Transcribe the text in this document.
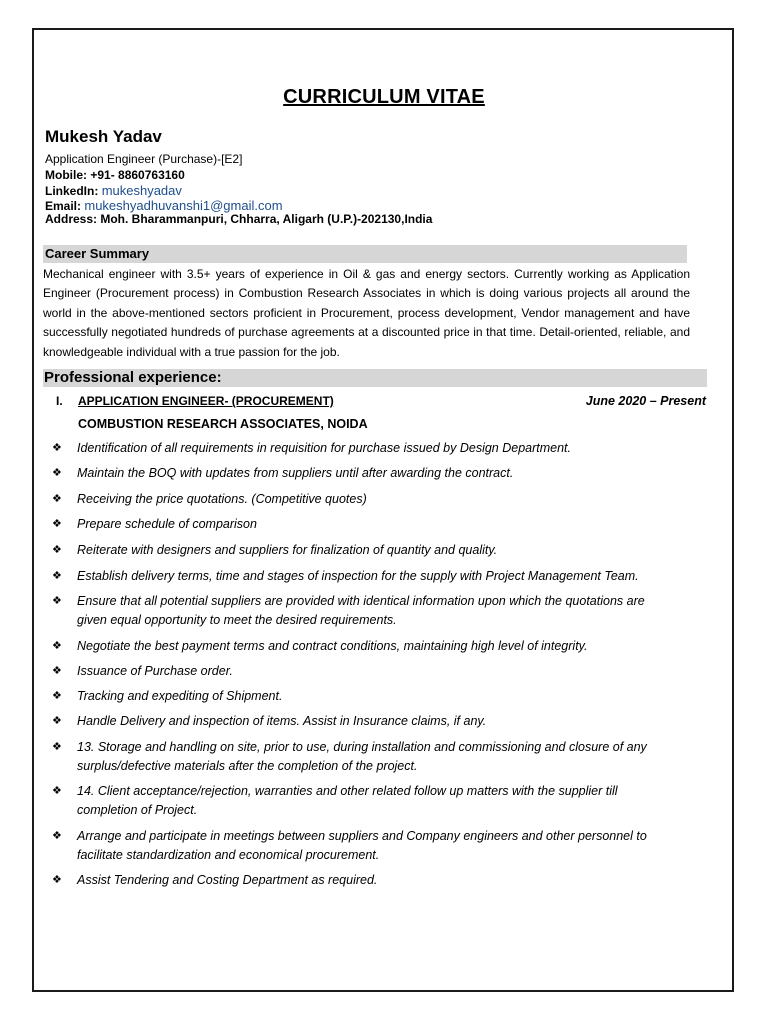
CURRICULUM VITAE
Mukesh Yadav
Application Engineer (Purchase)-[E2]
Mobile: +91- 8860763160
LinkedIn: mukeshyadav
Email: mukeshyadhuvanshi1@gmail.com
Address: Moh. Bharammanpuri, Chharra, Aligarh (U.P.)-202130,India
Career Summary
Mechanical engineer with 3.5+ years of experience in Oil & gas and energy sectors. Currently working as Application Engineer (Procurement process) in Combustion Research Associates in which is doing various projects all around the world in the above-mentioned sectors proficient in Procurement, process development, Vendor management and have successfully negotiated hundreds of purchase agreements at a discounted price in that time. Detail-oriented, reliable, and knowledgeable individual with a true passion for the job.
Professional experience:
I. APPLICATION ENGINEER- (PROCUREMENT)	June 2020 – Present
COMBUSTION RESEARCH ASSOCIATES, NOIDA
❖	Identification of all requirements in requisition for purchase issued by Design Department.
❖	Maintain the BOQ with updates from suppliers until after awarding the contract.
❖	Receiving the price quotations. (Competitive quotes)
❖	Prepare schedule of comparison
❖	Reiterate with designers and suppliers for finalization of quantity and quality.
❖	Establish delivery terms, time and stages of inspection for the supply with Project Management Team.
❖	Ensure that all potential suppliers are provided with identical information upon which the quotations are given equal opportunity to meet the desired requirements.
❖	Negotiate the best payment terms and contract conditions, maintaining high level of integrity.
❖	Issuance of Purchase order.
❖	Tracking and expediting of Shipment.
❖	Handle Delivery and inspection of items. Assist in Insurance claims, if any.
❖	13. Storage and handling on site, prior to use, during installation and commissioning and closure of any surplus/defective materials after the completion of the project.
❖	14. Client acceptance/rejection, warranties and other related follow up matters with the supplier till completion of Project.
❖	Arrange and participate in meetings between suppliers and Company engineers and other personnel to facilitate standardization and economical procurement.
❖	Assist Tendering and Costing Department as required.
